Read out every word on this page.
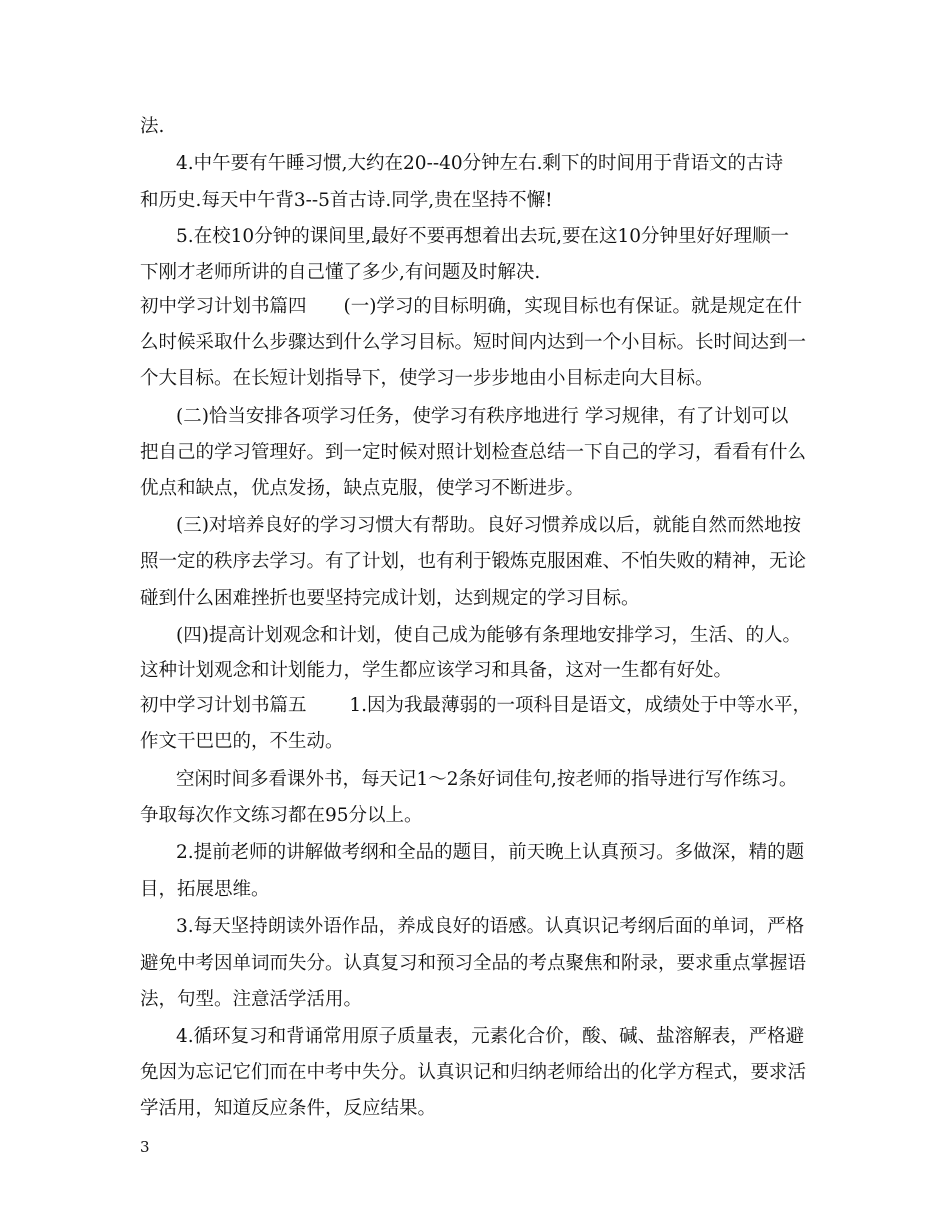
法.
4.中午要有午睡习惯,大约在20--40分钟左右.剩下的时间用于背语文的古诗
和历史.每天中午背3--5首古诗.同学,贵在坚持不懈!
5.在校10分钟的课间里,最好不要再想着出去玩,要在这10分钟里好好理顺一
下刚才老师所讲的自己懂了多少,有问题及时解决.
初中学习计划书篇四　　(一)学习的目标明确，实现目标也有保证。就是规定在什
么时候采取什么步骤达到什么学习目标。短时间内达到一个小目标。长时间达到一
个大目标。在长短计划指导下，使学习一步步地由小目标走向大目标。
(二)恰当安排各项学习任务，使学习有秩序地进行 学习规律，有了计划可以
把自己的学习管理好。到一定时候对照计划检查总结一下自己的学习，看看有什么
优点和缺点，优点发扬，缺点克服，使学习不断进步。
(三)对培养良好的学习习惯大有帮助。良好习惯养成以后，就能自然而然地按
照一定的秩序去学习。有了计划，也有利于锻炼克服困难、不怕失败的精神，无论
碰到什么困难挫折也要坚持完成计划，达到规定的学习目标。
(四)提高计划观念和计划，使自己成为能够有条理地安排学习，生活、的人。
这种计划观念和计划能力，学生都应该学习和具备，这对一生都有好处。
初中学习计划书篇五　　 1.因为我最薄弱的一项科目是语文，成绩处于中等水平，
作文干巴巴的，不生动。
空闲时间多看课外书，每天记1～2条好词佳句,按老师的指导进行写作练习。
争取每次作文练习都在95分以上。
2.提前老师的讲解做考纲和全品的题目，前天晚上认真预习。多做深，精的题
目，拓展思维。
3.每天坚持朗读外语作品，养成良好的语感。认真识记考纲后面的单词，严格
避免中考因单词而失分。认真复习和预习全品的考点聚焦和附录，要求重点掌握语
法，句型。注意活学活用。
4.循环复习和背诵常用原子质量表，元素化合价，酸、碱、盐溶解表，严格避
免因为忘记它们而在中考中失分。认真识记和归纳老师给出的化学方程式，要求活
学活用，知道反应条件，反应结果。
3
